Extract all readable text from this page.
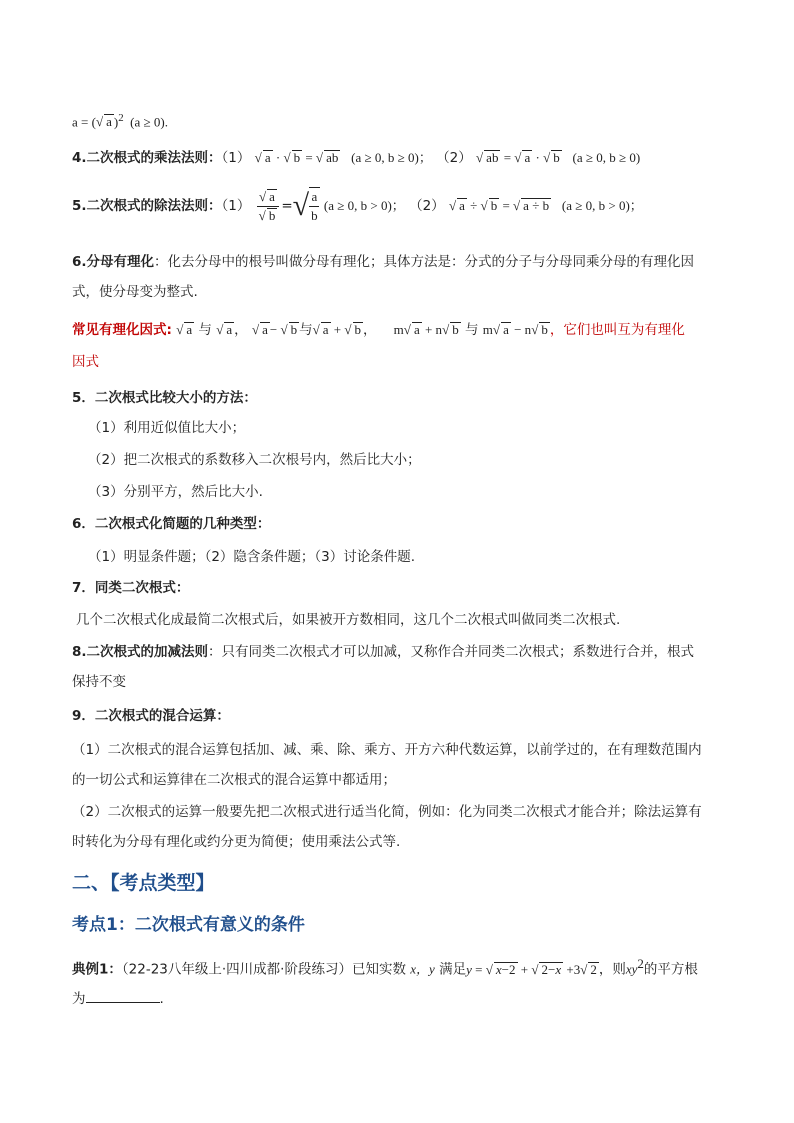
a = (√ a )$^2$ (a ≥ 0).
4.二次根式的乘法法则：（1） √ a · √ b = √ ab (a ≥ 0, b ≥ 0)； （2） √ ab = √ a · √ b (a ≥ 0, b ≥ 0)
5.二次根式的除法法则：$(1) \frac{√ a}{√ b}$ = √ $\frac{a}{b} (a \ge 0$, b > 0)； （2） √ a ÷ √ b = √ a ÷ b (a ≥ 0, b > 0)；
6.分母有理化：化去分母中的根号叫做分母有理化；具体方法是：分式的分子与分母同乘分母的有理化因
式，使分母变为整式.
常见有理化因式: √ a 与 √ a ， √ a − √ b 与√ a + √ b ，    m√ a + n√ b 与 m√ a − n√ b ，它们也叫互为有理化
因式
5．二次根式比较大小的方法：
（1）利用近似值比大小；
（2）把二次根式的系数移入二次根号内，然后比大小；
（3）分别平方，然后比大小.
6．二次根式化简题的几种类型：
（1）明显条件题；（2）隐含条件题；（3）讨论条件题.
7．同类二次根式：
几个二次根式化成最简二次根式后，如果被开方数相同，这几个二次根式叫做同类二次根式.
8.二次根式的加减法则：只有同类二次根式才可以加减，又称作合并同类二次根式；系数进行合并，根式
保持不变
9．二次根式的混合运算：
（1）二次根式的混合运算包括加、减、乘、除、乘方、开方六种代数运算，以前学过的，在有理数范围内
的一切公式和运算律在二次根式的混合运算中都适用；
（2）二次根式的运算一般要先把二次根式进行适当化简，例如：化为同类二次根式才能合并；除法运算有
时转化为分母有理化或约分更为简便；使用乘法公式等.
二、【考点类型】
考点1：二次根式有意义的条件
典例1：（22-23八年级上·四川成都·阶段练习）已知实数 x，y 满足y = √ x−2 + √ 2−x +3√ 2 ，则$xy^2$的平方根
为	.
